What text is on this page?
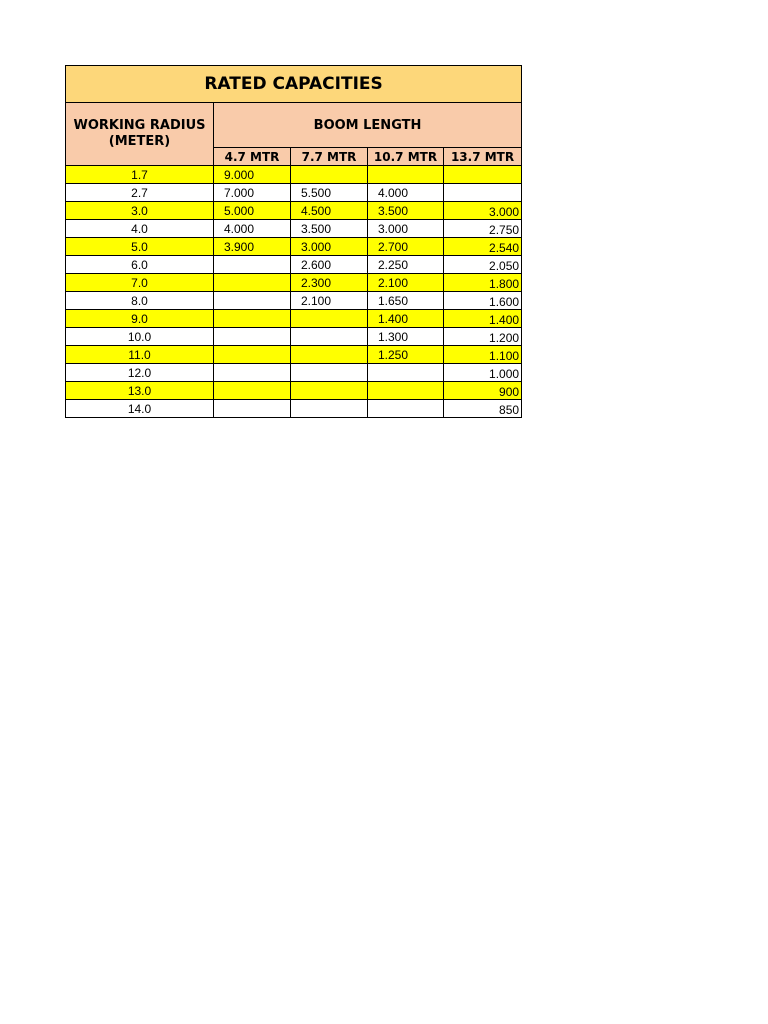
RATED CAPACITIES				
WORKING RADIUS
(METER)	BOOM LENGTH			
	4.7 MTR	7.7 MTR	10.7 MTR	13.7 MTR
1.7	9.000			
2.7	7.000	5.500	4.000	
3.0	5.000	4.500	3.500	3.000
4.0	4.000	3.500	3.000	2.750
5.0	3.900	3.000	2.700	2.540
6.0		2.600	2.250	2.050
7.0		2.300	2.100	1.800
8.0		2.100	1.650	1.600
9.0			1.400	1.400
10.0			1.300	1.200
11.0			1.250	1.100
12.0				1.000
13.0				900
14.0				850
